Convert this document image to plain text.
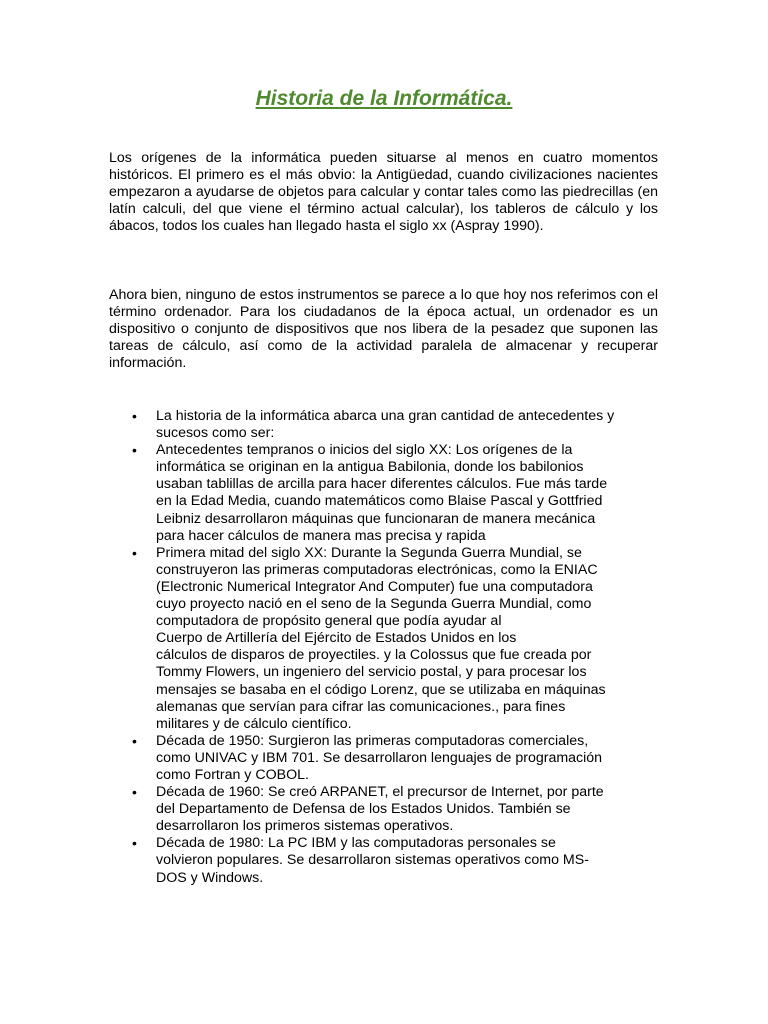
Historia de la Informática.

Los orígenes de la informática pueden situarse al menos en cuatro momentos históricos. El primero es el más obvio: la Antigüedad, cuando civilizaciones nacientes empezaron a ayudarse de objetos para calcular y contar tales como las piedrecillas (en latín calculi, del que viene el término actual calcular), los tableros de cálculo y los ábacos, todos los cuales han llegado hasta el siglo xx (Aspray 1990).

Ahora bien, ninguno de estos instrumentos se parece a lo que hoy nos referimos con el término ordenador. Para los ciudadanos de la época actual, un ordenador es un dispositivo o conjunto de dispositivos que nos libera de la pesadez que suponen las tareas de cálculo, así como de la actividad paralela de almacenar y recuperar información.

• La historia de la informática abarca una gran cantidad de antecedentes y
sucesos como ser:
• Antecedentes tempranos o inicios del siglo XX: Los orígenes de la
informática se originan en la antigua Babilonia, donde los babilonios
usaban tablillas de arcilla para hacer diferentes cálculos. Fue más tarde
en la Edad Media, cuando matemáticos como Blaise Pascal y Gottfried
Leibniz desarrollaron máquinas que funcionaran de manera mecánica
para hacer cálculos de manera mas precisa y rapida
• Primera mitad del siglo XX: Durante la Segunda Guerra Mundial, se
construyeron las primeras computadoras electrónicas, como la ENIAC
(Electronic Numerical Integrator And Computer) fue una computadora
cuyo proyecto nació en el seno de la Segunda Guerra Mundial, como
computadora de propósito general que podía ayudar al
Cuerpo de Artillería del Ejército de Estados Unidos en los
cálculos de disparos de proyectiles. y la Colossus que fue creada por
Tommy Flowers, un ingeniero del servicio postal, y para procesar los
mensajes se basaba en el código Lorenz, que se utilizaba en máquinas
alemanas que servían para cifrar las comunicaciones., para fines
militares y de cálculo científico.
• Década de 1950: Surgieron las primeras computadoras comerciales,
como UNIVAC y IBM 701. Se desarrollaron lenguajes de programación
como Fortran y COBOL.
• Década de 1960: Se creó ARPANET, el precursor de Internet, por parte
del Departamento de Defensa de los Estados Unidos. También se
desarrollaron los primeros sistemas operativos.
• Década de 1980: La PC IBM y las computadoras personales se
volvieron populares. Se desarrollaron sistemas operativos como MS-
DOS y Windows.
